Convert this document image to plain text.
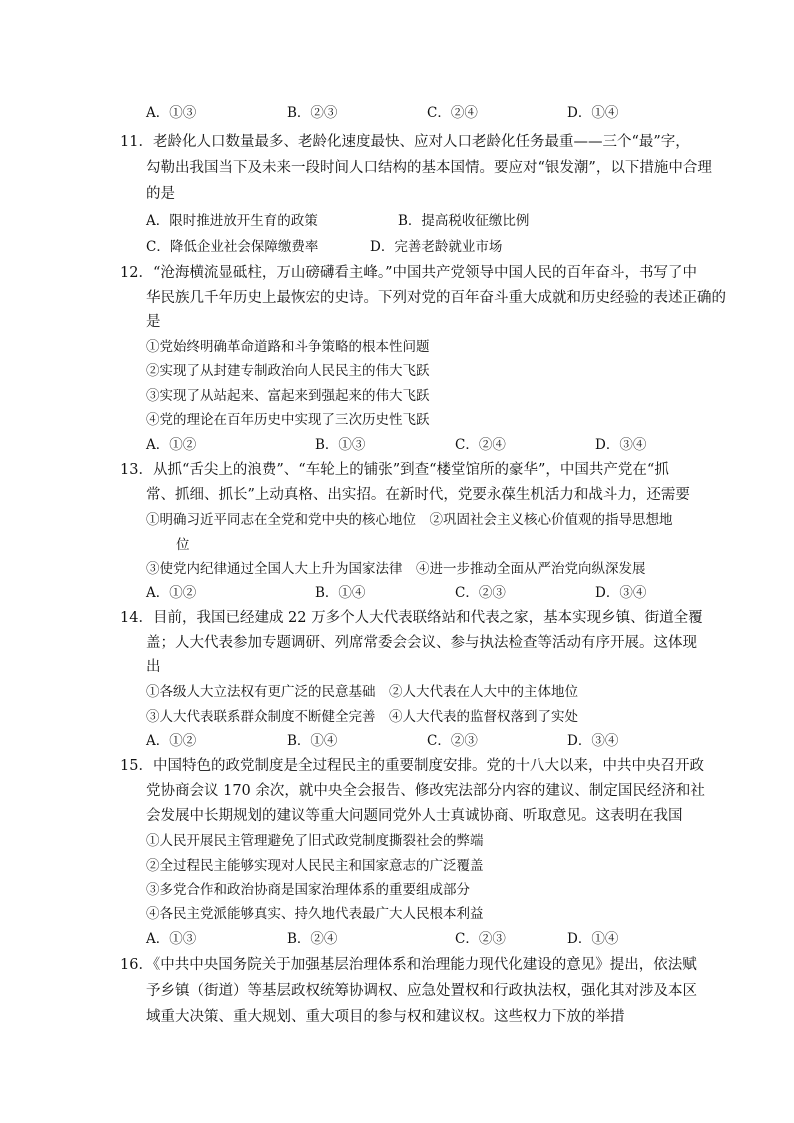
A．①③	B．②③	C．②④	D．①④
11．老龄化人口数量最多、老龄化速度最快、应对人口老龄化任务最重——三个“最”字，
勾勒出我国当下及未来一段时间人口结构的基本国情。要应对“银发潮”，以下措施中合理
的是
A．限时推进放开生育的政策	B．提高税收征缴比例
C．降低企业社会保障缴费率	D．完善老龄就业市场
12．“沧海横流显砥柱，万山磅礴看主峰。”中国共产党领导中国人民的百年奋斗，书写了中
华民族几千年历史上最恢宏的史诗。下列对党的百年奋斗重大成就和历史经验的表述正确的
是
①党始终明确革命道路和斗争策略的根本性问题
②实现了从封建专制政治向人民民主的伟大飞跃
③实现了从站起来、富起来到强起来的伟大飞跃
④党的理论在百年历史中实现了三次历史性飞跃
A．①②	B．①③	C．②④	D．③④
13．从抓“舌尖上的浪费”、“车轮上的铺张”到查“楼堂馆所的豪华”，中国共产党在“抓
常、抓细、抓长”上动真格、出实招。在新时代，党要永葆生机活力和战斗力，还需要
①明确习近平同志在全党和党中央的核心地位　②巩固社会主义核心价值观的指导思想地
位
③使党内纪律通过全国人大上升为国家法律　④进一步推动全面从严治党向纵深发展
A．①②	B．①④	C．②③	D．③④
14．目前，我国已经建成 22 万多个人大代表联络站和代表之家，基本实现乡镇、街道全覆
盖；人大代表参加专题调研、列席常委会会议、参与执法检查等活动有序开展。这体现
出
①各级人大立法权有更广泛的民意基础　②人大代表在人大中的主体地位
③人大代表联系群众制度不断健全完善　④人大代表的监督权落到了实处
A．①②	B．①④	C．②③	D．③④
15．中国特色的政党制度是全过程民主的重要制度安排。党的十八大以来，中共中央召开政
党协商会议 170 余次，就中央全会报告、修改宪法部分内容的建议、制定国民经济和社
会发展中长期规划的建议等重大问题同党外人士真诚协商、听取意见。这表明在我国
①人民开展民主管理避免了旧式政党制度撕裂社会的弊端
②全过程民主能够实现对人民民主和国家意志的广泛覆盖
③多党合作和政治协商是国家治理体系的重要组成部分
④各民主党派能够真实、持久地代表最广大人民根本利益
A．①③	B．②④	C．②③	D．①④
16．《中共中央国务院关于加强基层治理体系和治理能力现代化建设的意见》提出，依法赋
予乡镇（街道）等基层政权统筹协调权、应急处置权和行政执法权，强化其对涉及本区
域重大决策、重大规划、重大项目的参与权和建议权。这些权力下放的举措
